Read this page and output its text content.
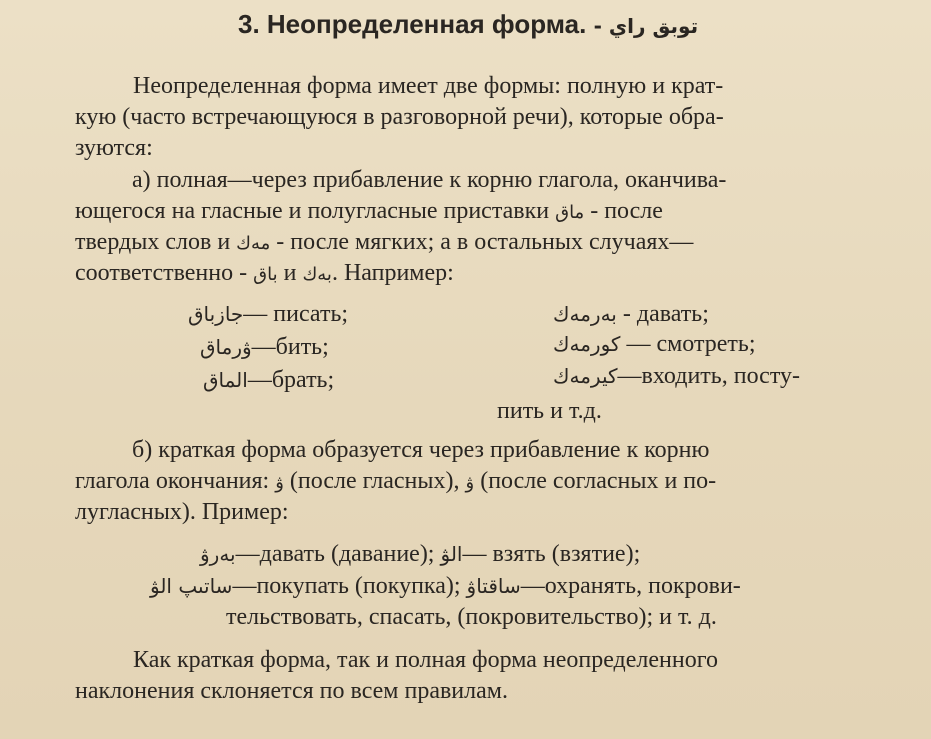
3. Неопределенная форма. - توبق راي
Неопределенная форма имеет две формы: полную и крат-
кую (часто встречающуюся в разговорной речи), которые обра-
зуются:
а) полная—через прибавление к корню глагола, оканчива-
ющегося на гласные и полугласные приставки ماق - после
твердых слов и مەك - после мягких; а в остальных случаях—
соответственно - باق и بەك. Например:
جازباق— писать;	بەرمەك - давать;
ۋرماق—бить;	كورمەك — смотреть;
الماق—брать;	كيرمەك—входить, посту-
пить и т.д.
б) краткая форма образуется через прибавление к корню
глагола окончания: ۋ (после гласных), ۋ (после согласных и по-
лугласных). Пример:
بەرۋ—давать (давание); الۋ— взять (взятие);
ساتىپ الۋ—покупать (покупка); ساقتاۋ—охранять, покрови-
тельствовать, спасать, (покровительство); и т. д.
Как краткая форма, так и полная форма неопределенного
наклонения склоняется по всем правилам.
